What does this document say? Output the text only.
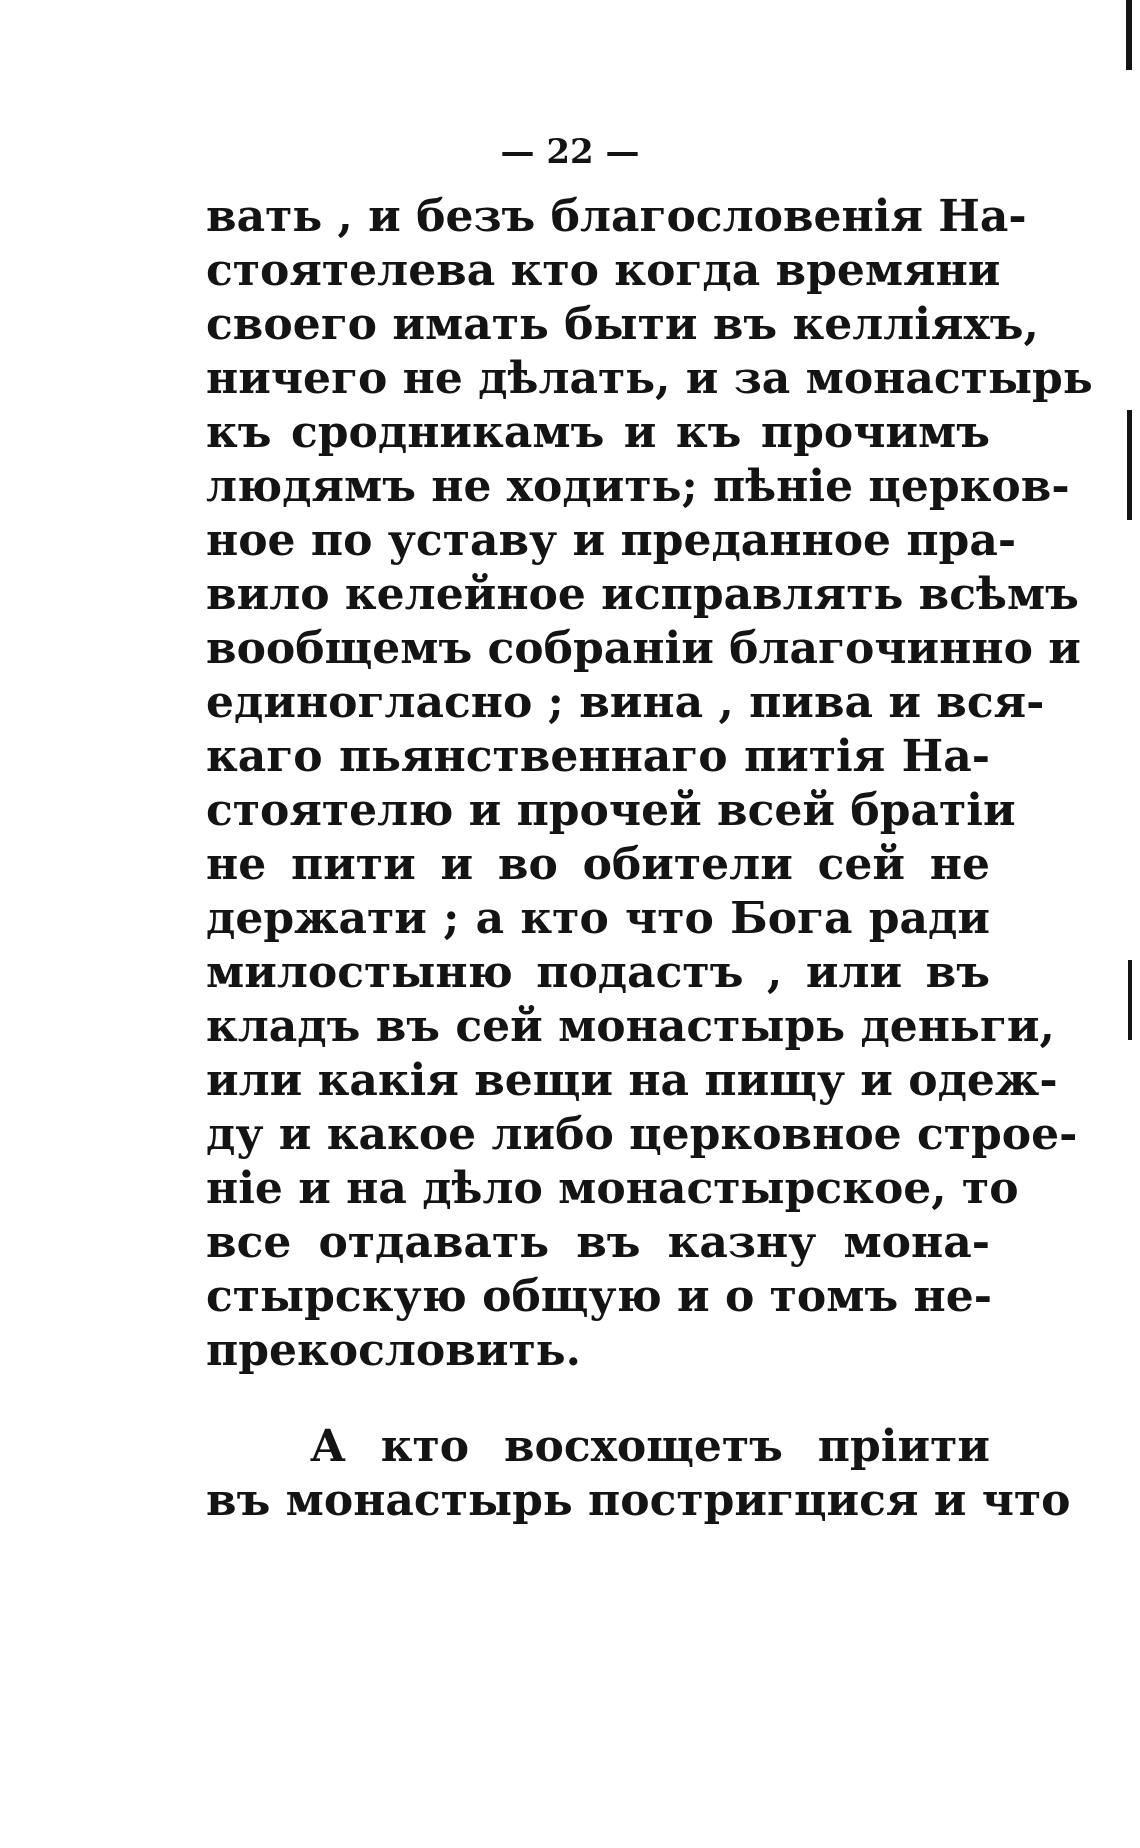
— 22 —
вать , и безъ благословенія На-
стоятелева кто когда времяни
своего имать быти въ келліяхъ,
ничего не дѣлать, и за монастырь
къ сродникамъ и къ прочимъ
людямъ не ходить; пѣніе церков-
ное по уставу и преданное пра-
вило келейное исправлять всѣмъ
вообщемъ собраніи благочинно и
единогласно ; вина , пива и вся-
каго пьянственнаго питія На-
стоятелю и прочей всей братіи
не пити и во обители сей не
держати ; а кто что Бога ради
милостыню подастъ , или въ
кладъ въ сей монастырь деньги,
или какія вещи на пищу и одеж-
ду и какое либо церковное строе-
ніе и на дѣло монастырское, то
все отдавать въ казну мона-
стырскую общую и о томъ не-
прекословить.
А кто восхощетъ пріити
въ монастырь постригцися и что
